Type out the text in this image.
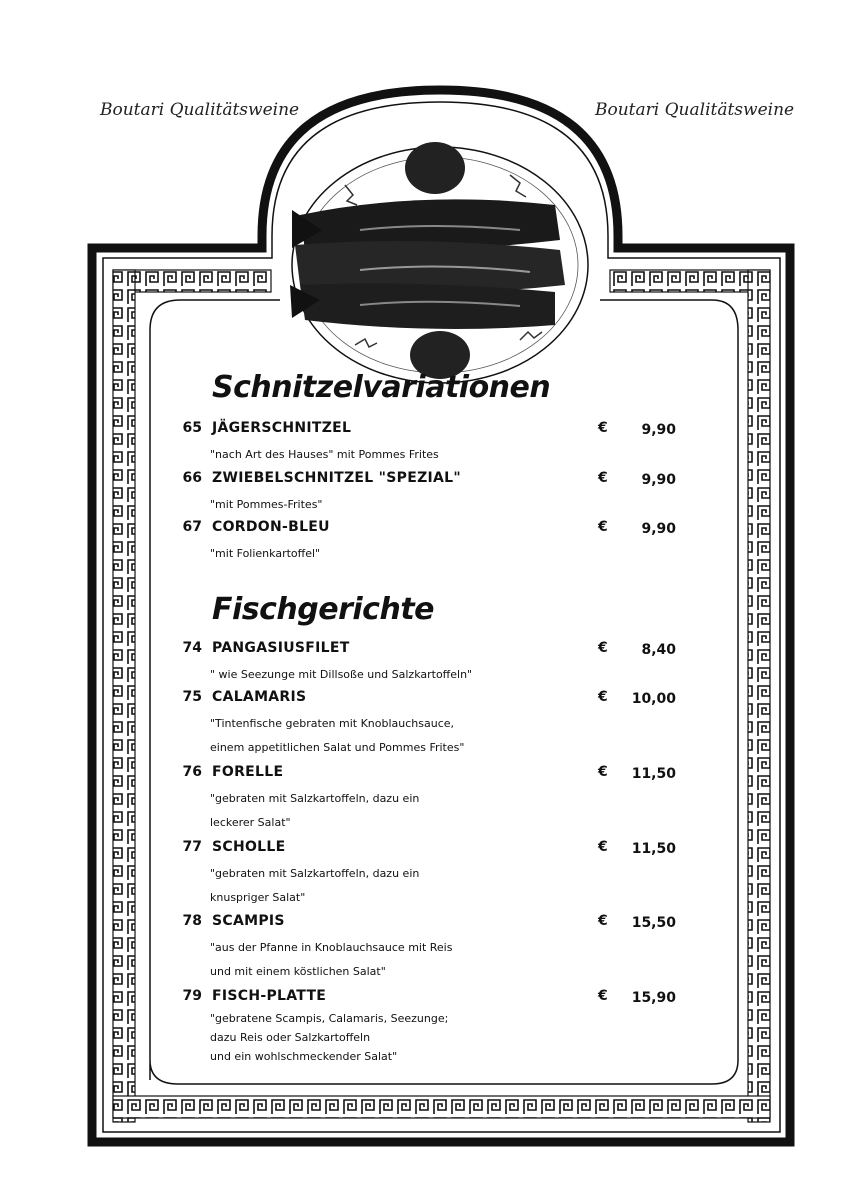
Boutari Qualitätsweine	Boutari Qualitätsweine
Schnitzelvariationen
65 JÄGERSCHNITZEL	€	9,90
"nach Art des Hauses" mit Pommes Frites
66 ZWIEBELSCHNITZEL "SPEZIAL"	€	9,90
"mit Pommes-Frites"
67 CORDON-BLEU	€	9,90
"mit Folienkartoffel"
Fischgerichte
74 PANGASIUSFILET	€	8,40
" wie Seezunge mit Dillsoße und Salzkartoffeln"
75 CALAMARIS	€	10,00
"Tintenfische gebraten mit Knoblauchsauce,
einem appetitlichen Salat und Pommes Frites"
76 FORELLE	€	11,50
"gebraten mit Salzkartoffeln, dazu ein
leckerer Salat"
77 SCHOLLE	€	11,50
"gebraten mit Salzkartoffeln, dazu ein
knuspriger Salat"
78 SCAMPIS	€	15,50
"aus der Pfanne in Knoblauchsauce mit Reis
und mit einem köstlichen Salat"
79 FISCH-PLATTE	€	15,90
"gebratene Scampis, Calamaris, Seezunge;
dazu Reis oder Salzkartoffeln
und ein wohlschmeckender Salat"
